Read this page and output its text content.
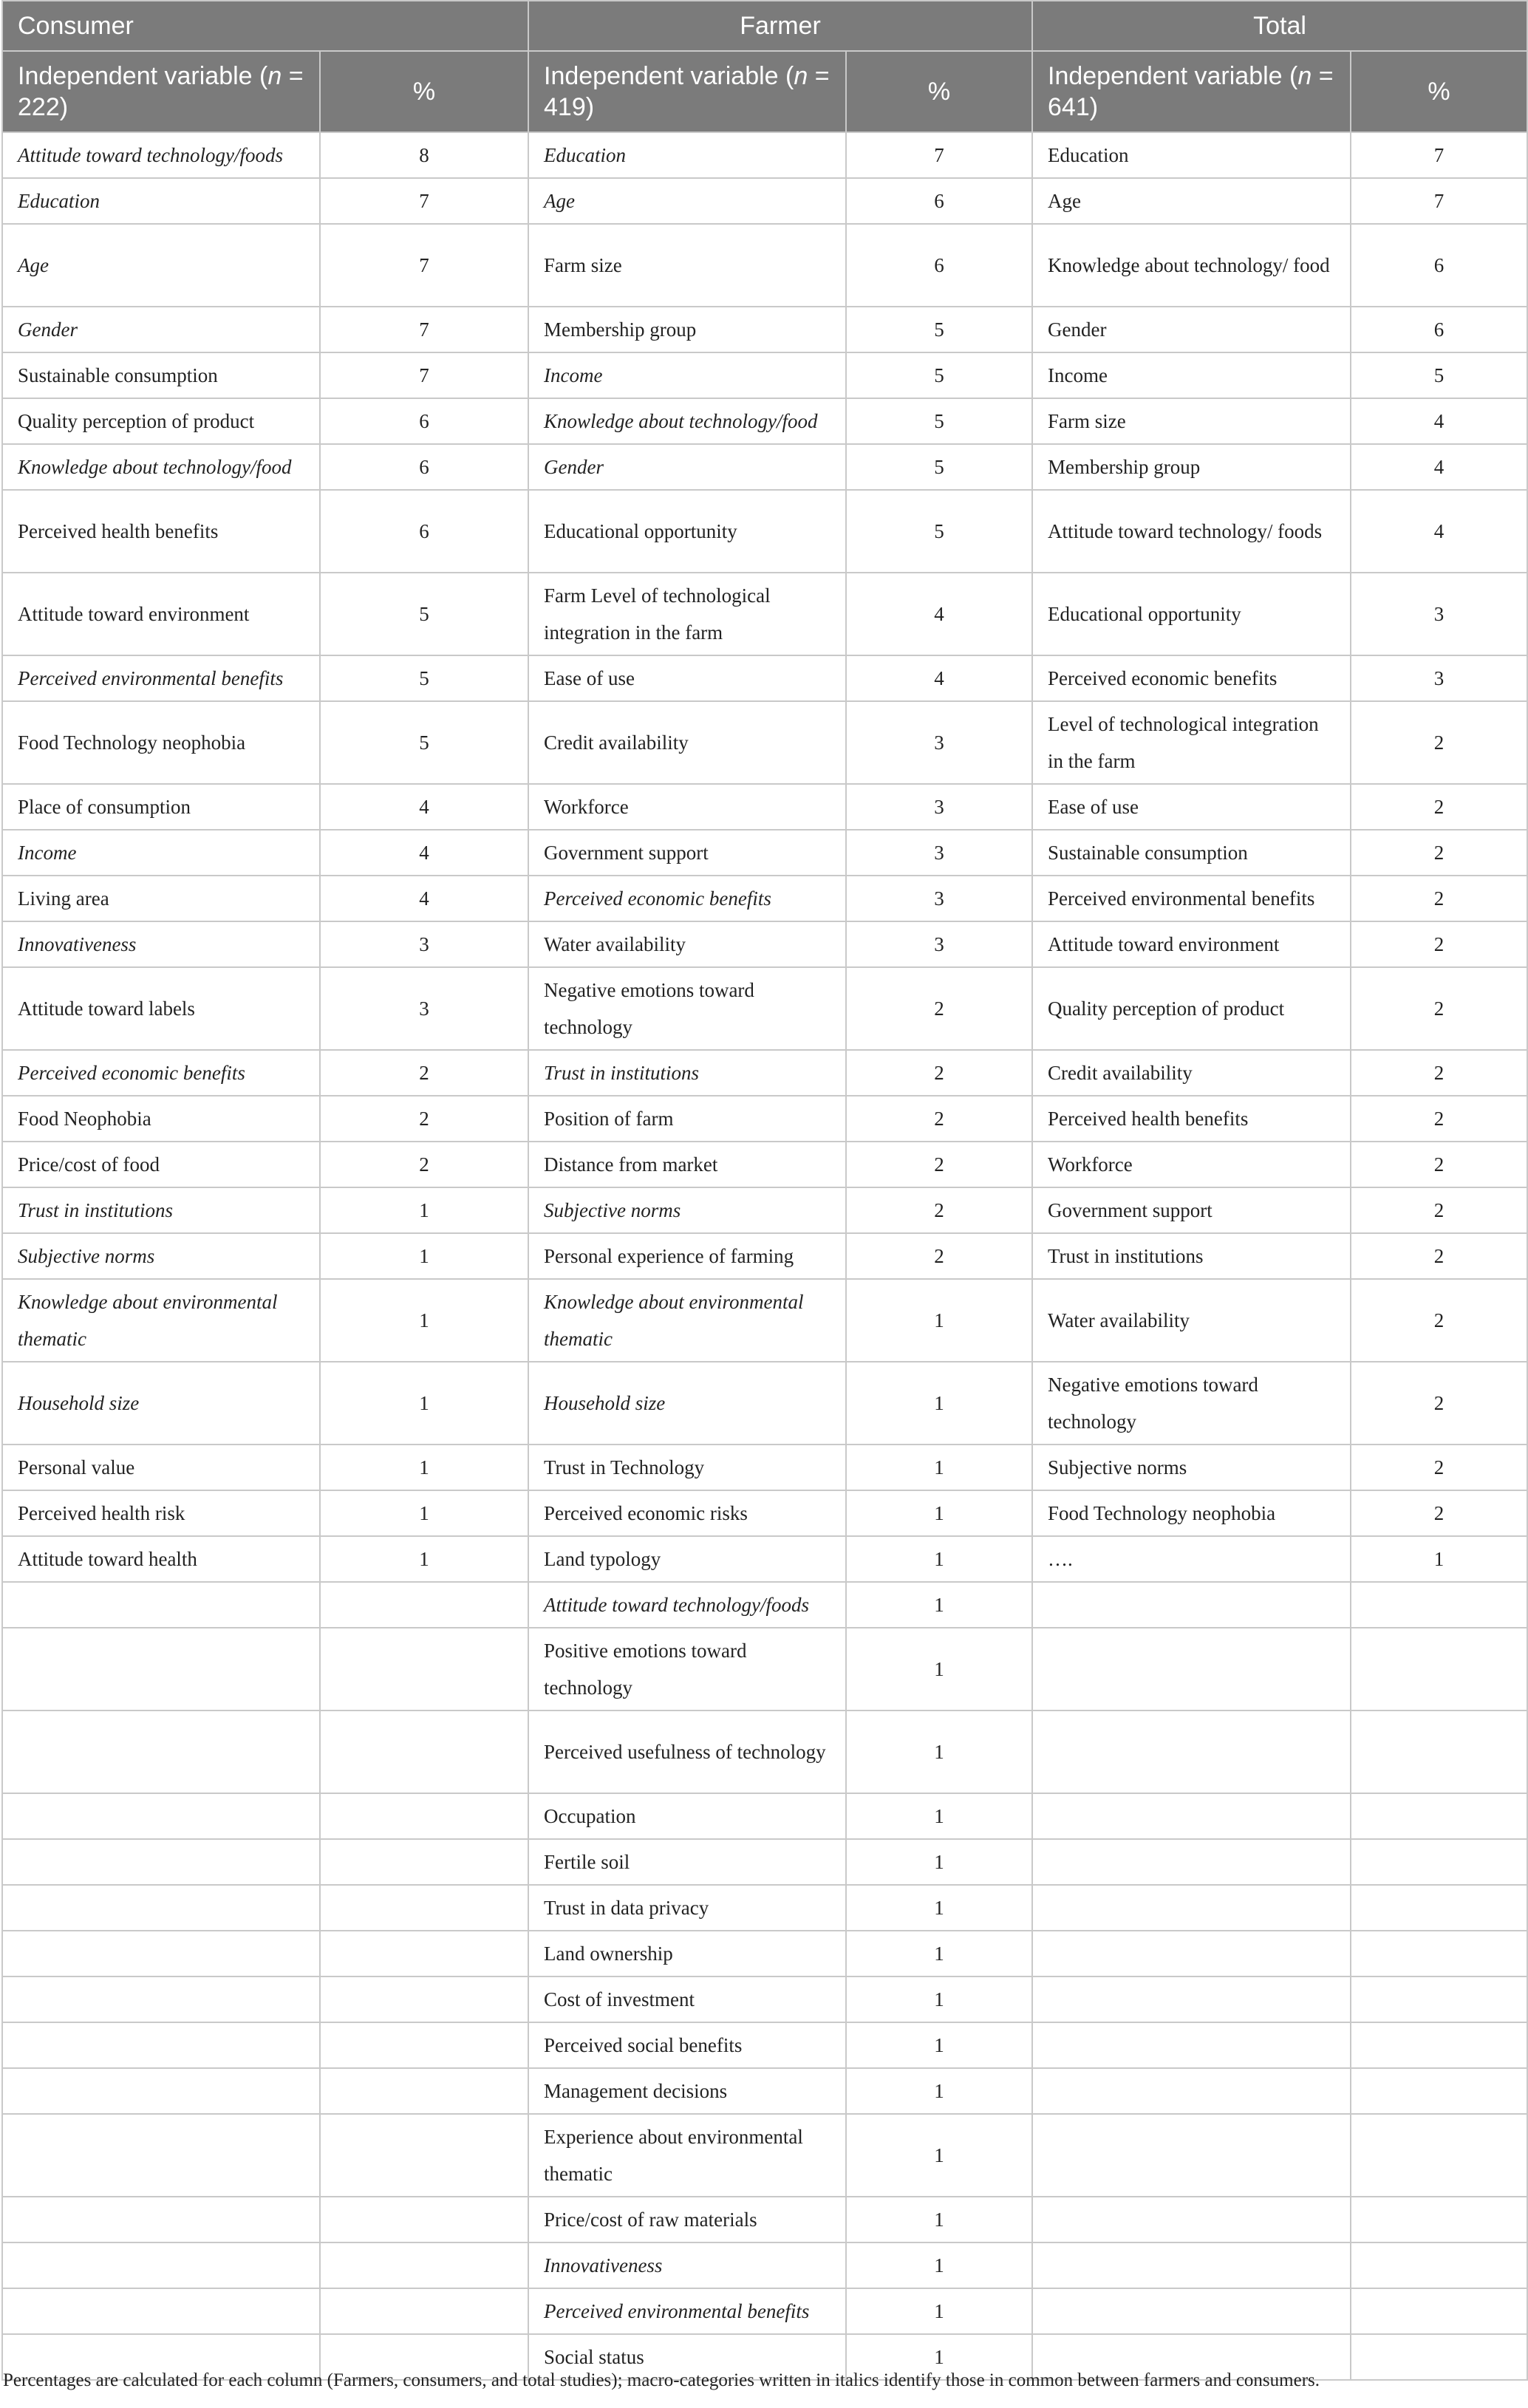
Consumer		Farmer		Total	
Independent variable (n = 222)	%	Independent variable (n = 419)	%	Independent variable (n = 641)	%
Attitude toward technology/foods	8	Education	7	Education	7
Education	7	Age	6	Age	7
Age	7	Farm size	6	Knowledge about technology/ food	6
Gender	7	Membership group	5	Gender	6
Sustainable consumption	7	Income	5	Income	5
Quality perception of product	6	Knowledge about technology/food	5	Farm size	4
Knowledge about technology/food	6	Gender	5	Membership group	4
Perceived health benefits	6	Educational opportunity	5	Attitude toward technology/ foods	4
Attitude toward environment	5	Farm Level of technological integration in the farm	4	Educational opportunity	3
Perceived environmental benefits	5	Ease of use	4	Perceived economic benefits	3
Food Technology neophobia	5	Credit availability	3	Level of technological integration in the farm	2
Place of consumption	4	Workforce	3	Ease of use	2
Income	4	Government support	3	Sustainable consumption	2
Living area	4	Perceived economic benefits	3	Perceived environmental benefits	2
Innovativeness	3	Water availability	3	Attitude toward environment	2
Attitude toward labels	3	Negative emotions toward technology	2	Quality perception of product	2
Perceived economic benefits	2	Trust in institutions	2	Credit availability	2
Food Neophobia	2	Position of farm	2	Perceived health benefits	2
Price/cost of food	2	Distance from market	2	Workforce	2
Trust in institutions	1	Subjective norms	2	Government support	2
Subjective norms	1	Personal experience of farming	2	Trust in institutions	2
Knowledge about environmental thematic	1	Knowledge about environmental thematic	1	Water availability	2
Household size	1	Household size	1	Negative emotions toward technology	2
Personal value	1	Trust in Technology	1	Subjective norms	2
Perceived health risk	1	Perceived economic risks	1	Food Technology neophobia	2
Attitude toward health	1	Land typology	1	….	1
		Attitude toward technology/foods	1		
		Positive emotions toward technology	1		
		Perceived usefulness of technology	1		
		Occupation	1		
		Fertile soil	1		
		Trust in data privacy	1		
		Land ownership	1		
		Cost of investment	1		
		Perceived social benefits	1		
		Management decisions	1		
		Experience about environmental thematic	1		
		Price/cost of raw materials	1		
		Innovativeness	1		
		Perceived environmental benefits	1		
		Social status	1		
Percentages are calculated for each column (Farmers, consumers, and total studies); macro-categories written in italics identify those in common between farmers and consumers.
